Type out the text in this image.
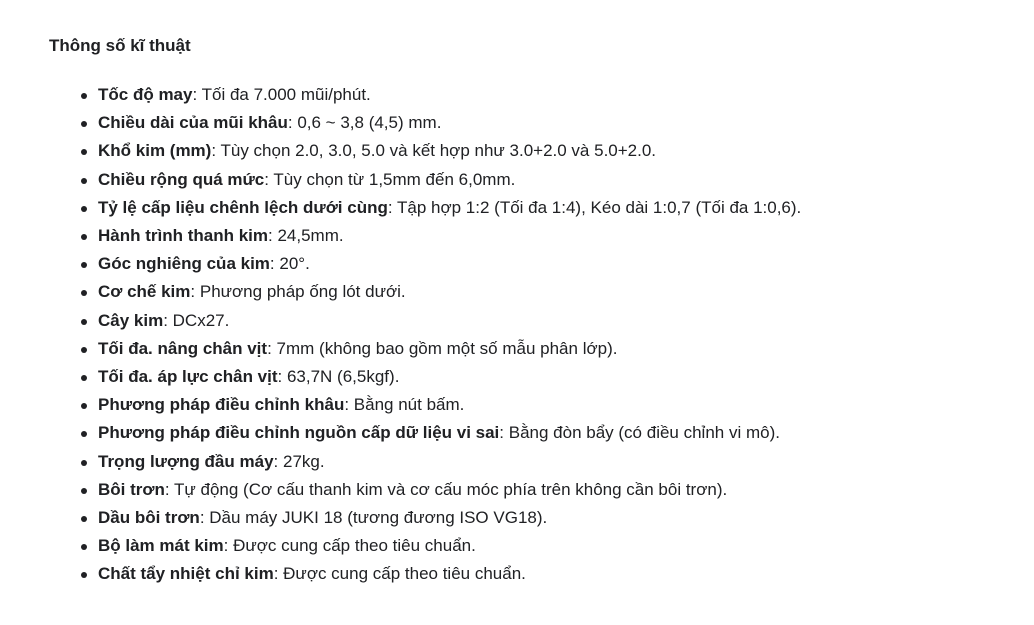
Thông số kĩ thuật
Tốc độ may: Tối đa 7.000 mũi/phút.
Chiều dài của mũi khâu: 0,6 ~ 3,8 (4,5) mm.
Khổ kim (mm): Tùy chọn 2.0, 3.0, 5.0 và kết hợp như 3.0+2.0 và 5.0+2.0.
Chiều rộng quá mức: Tùy chọn từ 1,5mm đến 6,0mm.
Tỷ lệ cấp liệu chênh lệch dưới cùng: Tập hợp 1:2 (Tối đa 1:4), Kéo dài 1:0,7 (Tối đa 1:0,6).
Hành trình thanh kim: 24,5mm.
Góc nghiêng của kim: 20°.
Cơ chế kim: Phương pháp ống lót dưới.
Cây kim: DCx27.
Tối đa. nâng chân vịt: 7mm (không bao gồm một số mẫu phân lớp).
Tối đa. áp lực chân vịt: 63,7N (6,5kgf).
Phương pháp điều chỉnh khâu: Bằng nút bấm.
Phương pháp điều chỉnh nguồn cấp dữ liệu vi sai: Bằng đòn bẩy (có điều chỉnh vi mô).
Trọng lượng đầu máy: 27kg.
Bôi trơn: Tự động (Cơ cấu thanh kim và cơ cấu móc phía trên không cần bôi trơn).
Dầu bôi trơn: Dầu máy JUKI 18 (tương đương ISO VG18).
Bộ làm mát kim: Được cung cấp theo tiêu chuẩn.
Chất tẩy nhiệt chỉ kim: Được cung cấp theo tiêu chuẩn.
